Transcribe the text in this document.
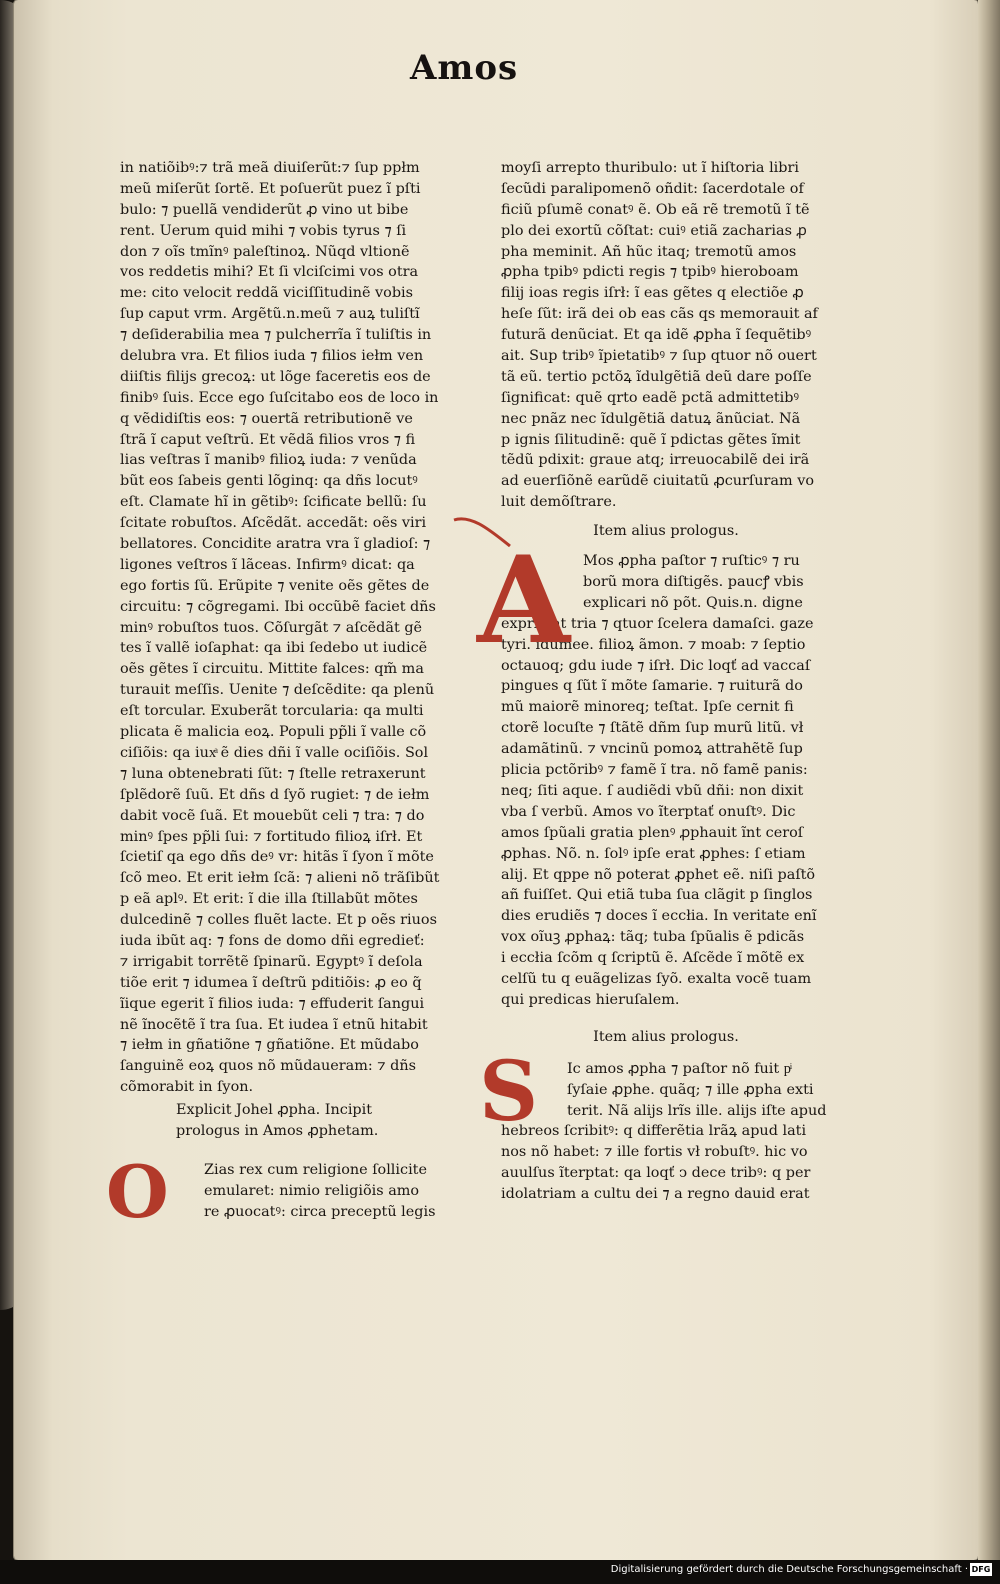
Digitalisierung gefördert durch die Deutsche Forschungsgemeinschaft · DFG
Amos
in natiõibꝰ:⁊ trã meã diuiſerũt:⁊ ſup ppłm
meũ miſerũt ſortẽ. Et poſuerũt puez ĩ pſti
bulo: ⁊ puellã vendiderũt ꝓ vino ut bibe
rent. Uerum quid mihi ⁊ vobis tyrus ⁊ ſi
don ⁊ oĩs tmĩnꝰ paleſtinoꝝ. Nũqd vltionẽ
vos reddetis mihi? Et ſi vlciſcimi vos otra
me: cito velocit reddã viciſſitudinẽ vobis
ſup caput vrm. Argẽtũ.n.meũ ⁊ auꝝ tuliſtĩ
⁊ deſiderabilia mea ⁊ pulcherrĩa ĩ tuliſtis in
delubra vra. Et filios iuda ⁊ filios iełm ven
diiſtis filijs grecoꝝ: ut lõge faceretis eos de
finibꝰ ſuis. Ecce ego ſuſcitabo eos de loco in
q vẽdidiſtis eos: ⁊ ouertã retributionẽ ve
ſtrã ĩ caput veſtrũ. Et vẽdã filios vros ⁊ fi
lias veſtras ĩ manibꝰ filioꝝ iuda: ⁊ venũda
bũt eos ſabeis genti lõginq: qa dñs locutꝰ
eſt. Clamate hĩ in gẽtibꝰ: ſcificate bellũ: ſu
ſcitate robuſtos. Aſcẽdãt. accedãt: oẽs viri
bellatores. Concidite aratra vra ĩ gladioſ: ⁊
ligones veſtros ĩ lãceas. Infirmꝰ dicat: qa
ego fortis ſũ. Erũpite ⁊ venite oẽs gẽtes de
circuitu: ⁊ cõgregami. Ibi occũbẽ faciet dñs
minꝰ robuſtos tuos. Cõſurgãt ⁊ aſcẽdãt gẽ
tes ĩ vallẽ ioſaphat: qa ibi ſedebo ut iudicẽ
oẽs gẽtes ĩ circuitu. Mittite falces: qm̃ ma
turauit meſſis. Uenite ⁊ deſcẽdite: qa plenũ
eſt torcular. Exuberãt torcularia: qa multi
plicata ẽ malicia eoꝝ. Populi pp̃li ĩ valle cõ
ciſiõis: qa iuxͣ ẽ dies dñi ĩ valle ociſiõis. Sol
⁊ luna obtenebrati ſũt: ⁊ ſtelle retraxerunt
ſplẽdorẽ ſuũ. Et dñs d ſyõ rugiet: ⁊ de iełm
dabit vocẽ ſuã. Et mouebũt celi ⁊ tra: ⁊ do
minꝰ ſpes pp̃li ſui: ⁊ fortitudo filioꝝ iſrł. Et
ſcietiſ qa ego dñs deꝰ vr: hitãs ĩ ſyon ĩ mõte
ſcõ meo. Et erit iełm ſcã: ⁊ alieni nõ trãſibũt
p eã aplꝰ. Et erit: ĩ die illa ſtillabũt mõtes
dulcedinẽ ⁊ colles fluẽt lacte. Et p oẽs riuos
iuda ibũt aq: ⁊ fons de domo dñi egredieť:
⁊ irrigabit torrẽtẽ ſpinarũ. Egyptꝰ ĩ deſola
tiõe erit ⁊ idumea ĩ deſtrũ pditiõis: ꝓ eo q̃
ĩique egerit ĩ filios iuda: ⁊ effuderit ſangui
nẽ ĩnocẽtẽ ĩ tra ſua. Et iudea ĩ etnũ hitabit
⁊ iełm in gñatiõne ⁊ gñatiõne. Et mũdabo
ſanguinẽ eoꝝ quos nõ mũdaueram: ⁊ dñs
cõmorabit in ſyon.
Explicit Johel ꝓpha. Incipit
prologus in Amos ꝓphetam.
O Zias rex cum religione ſollicite
emularet: nimio religiõis amo
re ꝓuocatꝰ: circa preceptũ legis
moyſi arrepto thuribulo: ut ĩ hiſtoria libri
ſecũdi paralipomenõ oñdit: ſacerdotale of
ficiũ pſumẽ conatꝰ ẽ. Ob eã rẽ tremotũ ĩ tẽ
plo dei exortũ cõſtat: cuiꝰ etiã zacharias ꝓ
pha meminit. Añ hũc itaq; tremotũ amos
ꝓpha tpibꝰ pdicti regis ⁊ tpibꝰ hieroboam
filij ioas regis iſrł: ĩ eas gẽtes q electiõe ꝓ
heſe ſũt: irã dei ob eas cãs qs memorauit af
futurã denũciat. Et qa idẽ ꝓpha ĩ ſequẽtibꝰ
ait. Sup tribꝰ ĩpietatibꝰ ⁊ ſup qtuor nõ ouert
tã eũ. tertio pctõꝝ ĩdulgẽtiã deũ dare poſſe
ſignificat: quẽ qrto eadẽ pctã admittetibꝰ
nec pnãz nec ĩdulgẽtiã datuꝝ ãnũciat. Nã
p ignis ſilitudinẽ: quẽ ĩ pdictas gẽtes ĩmit
tẽdũ pdixit: graue atq; irreuocabilẽ dei irã
ad euerſiõnẽ earũdẽ ciuitatũ ꝓcurſuram vo
luit demõſtrare.
Item alius prologus.
A Mos ꝓpha paſtor ⁊ ruſticꝰ ⁊ ru
borũ mora diſtigẽs. paucꝭ vbis
explicari nõ põt. Quis.n. digne
exprimat tria ⁊ qtuor ſcelera damaſci. gaze
tyri. idumee. filioꝝ ãmon. ⁊ moab: ⁊ ſeptio
octauoq; gdu iude ⁊ iſrł. Dic loqť ad vaccaſ
pingues q ſũt ĩ mõte ſamarie. ⁊ ruiturã do
mũ maiorẽ minoreq; teſtat. Ipſe cernit fi
ctorẽ locuſte ⁊ ſtãtẽ dñm ſup murũ litũ. vł
adamãtinũ. ⁊ vncinũ pomoꝝ attrahẽtẽ ſup
plicia pctõribꝰ ⁊ famẽ ĩ tra. nõ famẽ panis:
neq; ſiti aque. ſ audiẽdi vbũ dñi: non dixit
vba ſ verbũ. Amos vo ĩterptať onuſtꝰ. Dic
amos ſpũali gratia plenꝰ ꝓphauit ĩnt ceroſ
ꝓphas. Nõ. n. ſolꝰ ipſe erat ꝓphes: ſ etiam
alij. Et qppe nõ poterat ꝓphet eẽ. niſi paſtõ
añ fuiſſet. Qui etiã tuba ſua clãgit p ſinglos
dies erudiẽs ⁊ doces ĩ eccłia. In veritate enĩ
vox oĩuꝫ ꝓphaꝝ: tãq; tuba ſpũalis ẽ pdicãs
i eccłia ſcõm q ſcriptũ ẽ. Aſcẽde ĩ mõtẽ ex
celſũ tu q euãgelizas ſyõ. exalta vocẽ tuam
qui predicas hieruſalem.
Item alius prologus.
S	Ic amos ꝓpha ⁊ paſtor nõ fuit pͥ
ſyſaie ꝓphe. quãq; ⁊ ille ꝓpha exti
terit. Nã alijs lrĩs ille. alijs iſte apud
hebreos ſcribitꝰ: q differẽtia lrãꝝ apud lati
nos nõ habet: ⁊ ille fortis vł robuſtꝰ. hic vo
auulſus ĩterptat: qa loqť ↄ dece tribꝰ: q per
idolatriam a cultu dei ⁊ a regno dauid erat
